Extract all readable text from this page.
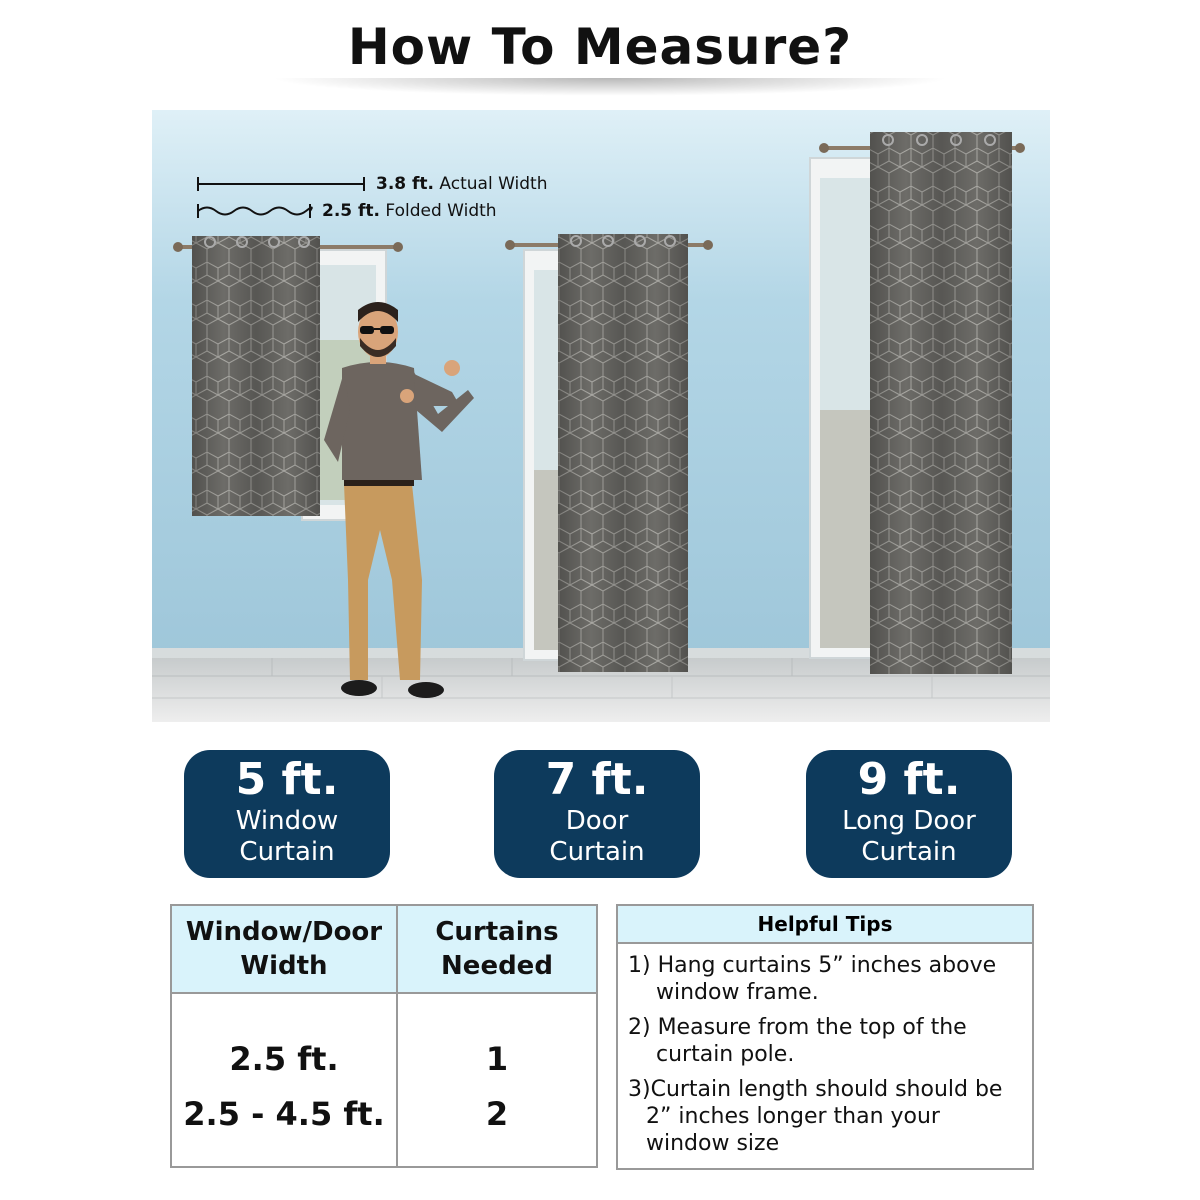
How To Measure?
3.8 ft. Actual Width
2.5 ft. Folded Width
5 ft.
Window
Curtain
7 ft.
Door
Curtain
9 ft.
Long Door
Curtain
Window/Door Width	Curtains Needed
2.5 ft.	1
2.5 - 4.5 ft.	2
Helpful Tips
1) Hang curtains 5” inches above
window frame.
2) Measure from the top of the
curtain pole.
3)Curtain length should should be
2” inches longer than your
window size
